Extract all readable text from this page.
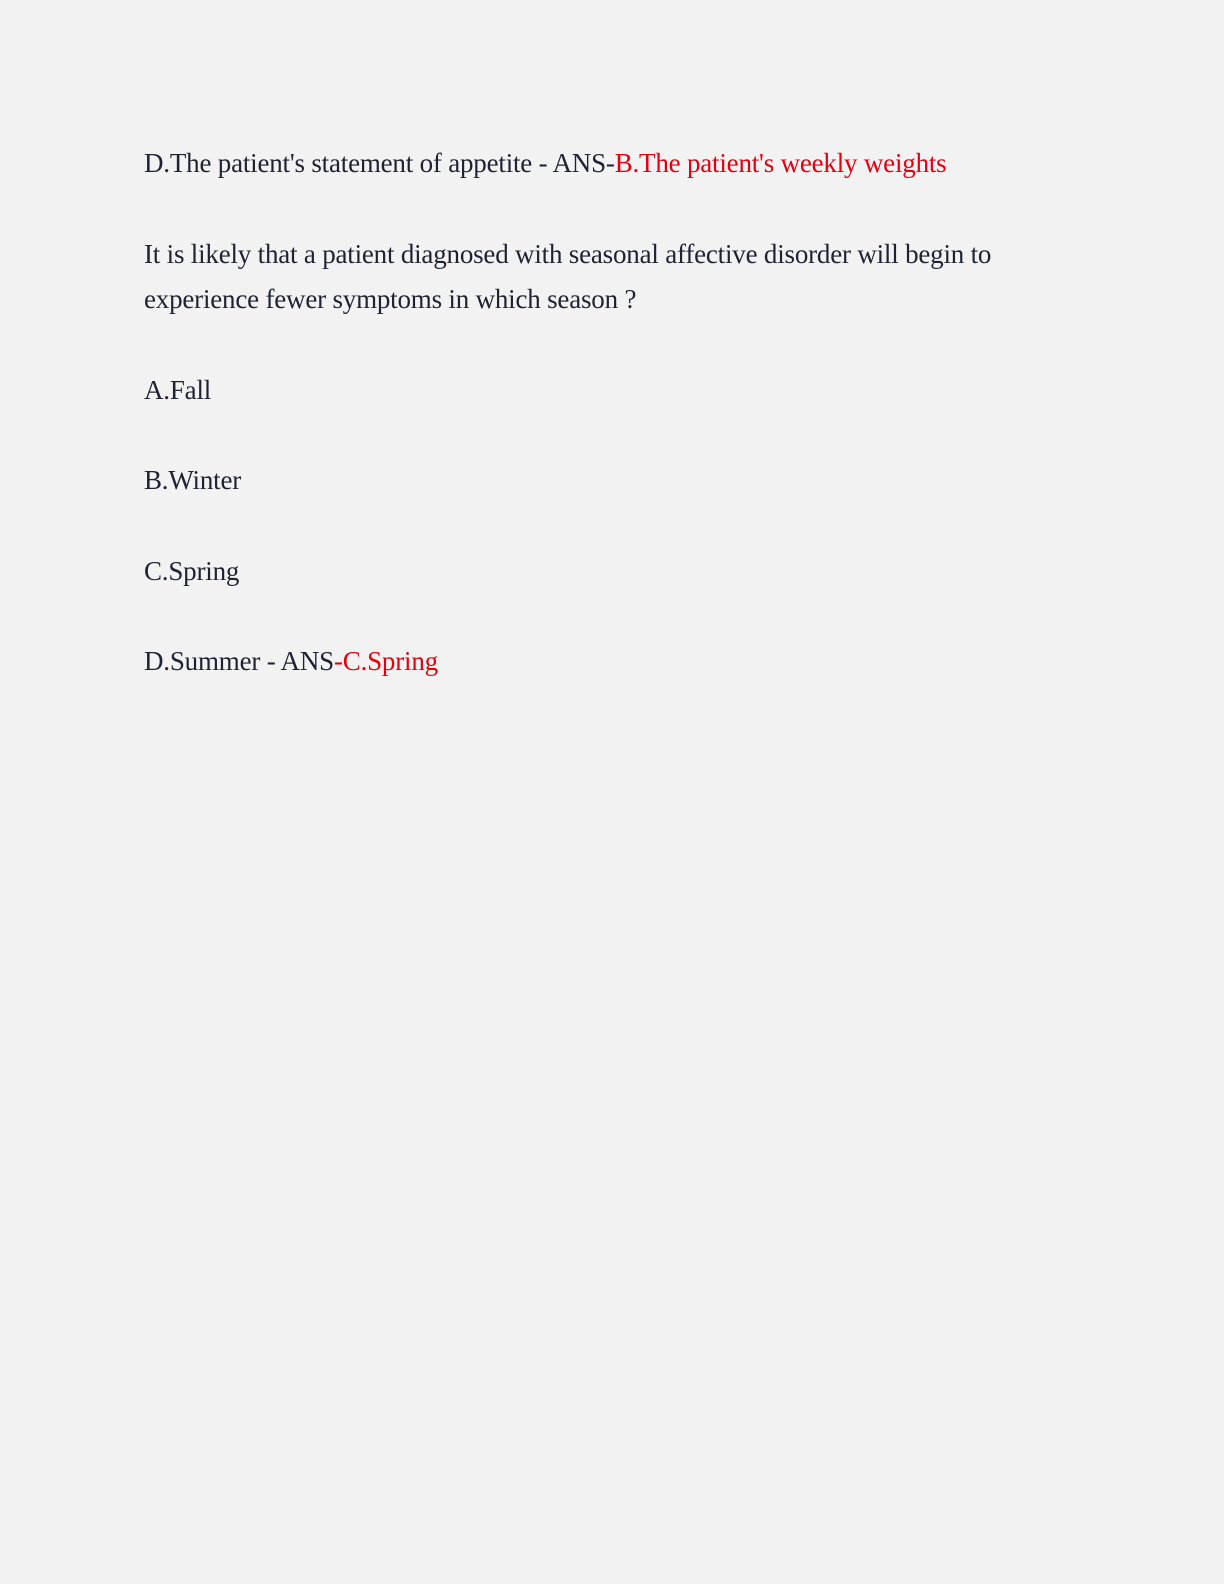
D.The patient's statement of appetite - ANS-B.The patient's weekly weights
It is likely that a patient diagnosed with seasonal affective disorder will begin to
experience fewer symptoms in which season ?
A.Fall
B.Winter
C.Spring
D.Summer - ANS-C.Spring
